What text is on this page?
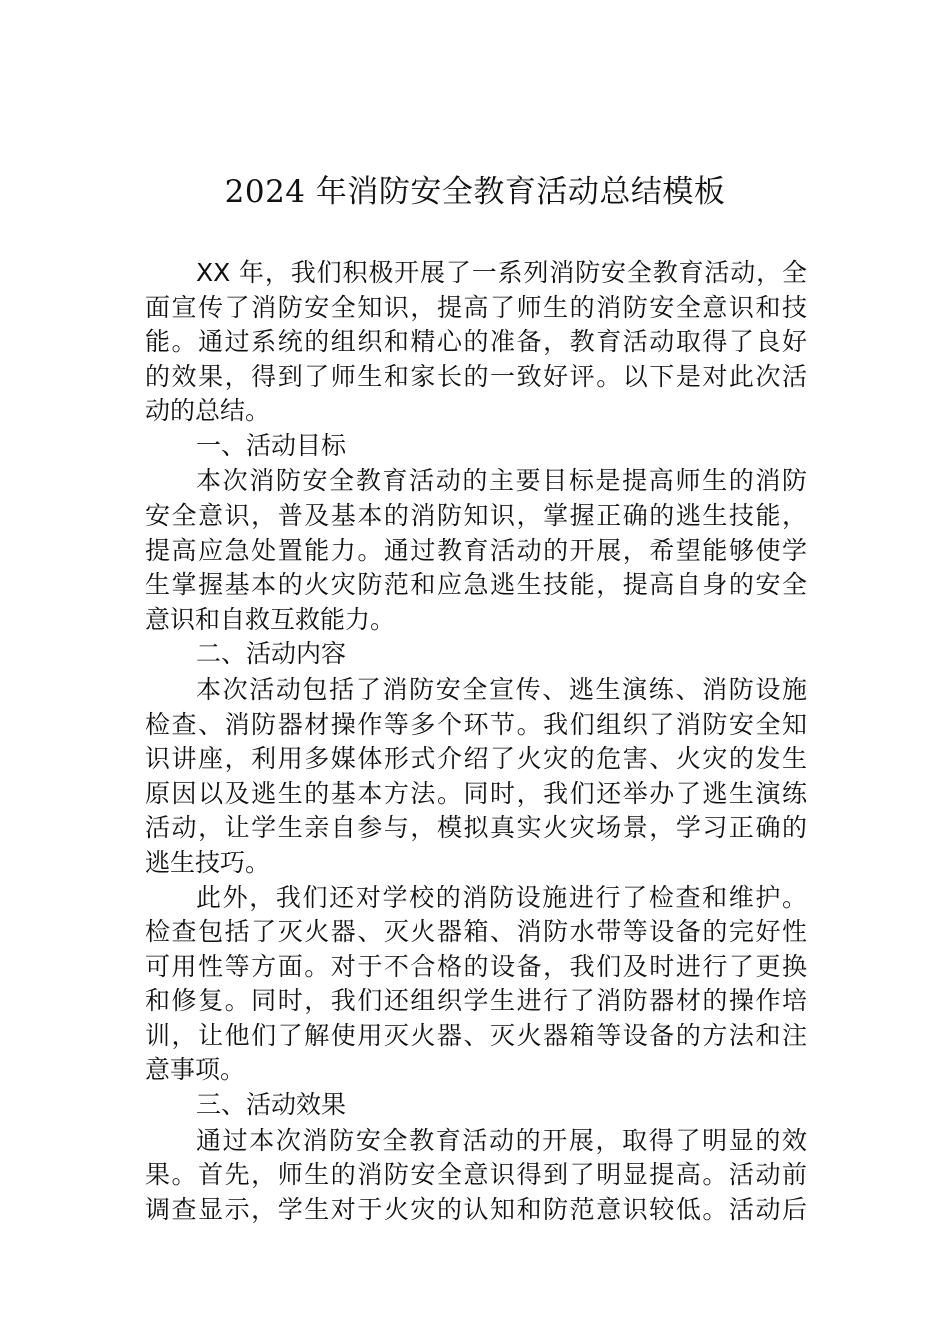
2024 年消防安全教育活动总结模板
XX 年，我们积极开展了一系列消防安全教育活动，全
面宣传了消防安全知识，提高了师生的消防安全意识和技
能。通过系统的组织和精心的准备，教育活动取得了良好
的效果，得到了师生和家长的一致好评。以下是对此次活
动的总结。
一、活动目标
本次消防安全教育活动的主要目标是提高师生的消防
安全意识，普及基本的消防知识，掌握正确的逃生技能，
提高应急处置能力。通过教育活动的开展，希望能够使学
生掌握基本的火灾防范和应急逃生技能，提高自身的安全
意识和自救互救能力。
二、活动内容
本次活动包括了消防安全宣传、逃生演练、消防设施
检查、消防器材操作等多个环节。我们组织了消防安全知
识讲座，利用多媒体形式介绍了火灾的危害、火灾的发生
原因以及逃生的基本方法。同时，我们还举办了逃生演练
活动，让学生亲自参与，模拟真实火灾场景，学习正确的
逃生技巧。
此外，我们还对学校的消防设施进行了检查和维护。
检查包括了灭火器、灭火器箱、消防水带等设备的完好性
可用性等方面。对于不合格的设备，我们及时进行了更换
和修复。同时，我们还组织学生进行了消防器材的操作培
训，让他们了解使用灭火器、灭火器箱等设备的方法和注
意事项。
三、活动效果
通过本次消防安全教育活动的开展，取得了明显的效
果。首先，师生的消防安全意识得到了明显提高。活动前
调查显示，学生对于火灾的认知和防范意识较低。活动后
